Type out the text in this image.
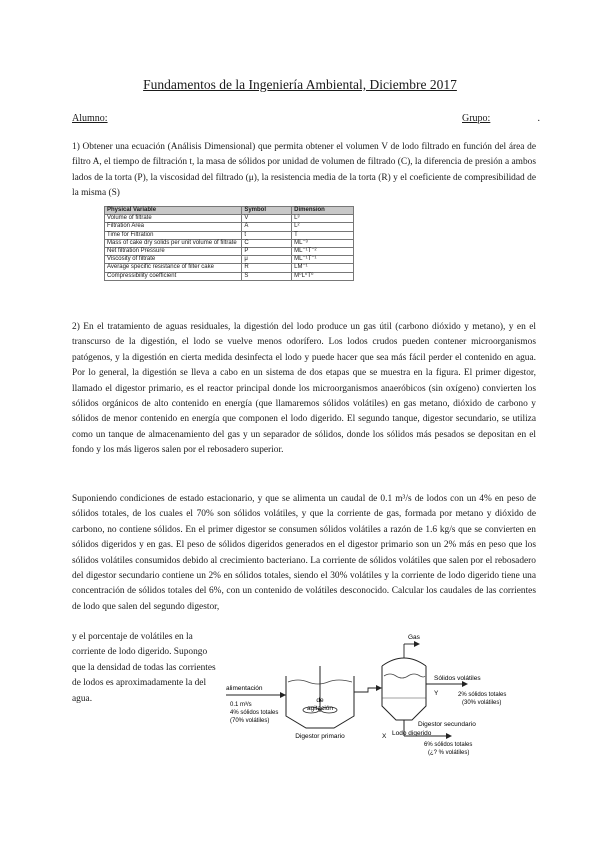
Fundamentos de la Ingeniería Ambiental, Diciembre 2017
Alumno:	Grupo:	.

1) Obtener una ecuación (Análisis Dimensional) que permita obtener el volumen V de lodo filtrado en función del área de filtro A, el tiempo de filtración t, la masa de sólidos por unidad de volumen de filtrado (C), la diferencia de presión a ambos lados de la torta (P), la viscosidad del filtrado (μ), la resistencia media de la torta (R) y el coeficiente de compresibilidad de la misma (S)

Physical Variable	Symbol	Dimension
Volume of filtrate	V	L³
Filtration Area	A	L²
Time for Filtration	t	T
Mass of cake dry solids per unit volume of filtrate	C	ML⁻³
Net filtration Pressure	P	ML⁻¹T⁻²
Viscosity of filtrate	μ	ML⁻¹T⁻¹
Average specific resistance of filter cake	R	LM⁻¹
Compressibility coefficient	S	M⁰L⁰T⁰

2) En el tratamiento de aguas residuales, la digestión del lodo produce un gas útil (carbono dióxido y metano), y en el transcurso de la digestión, el lodo se vuelve menos odorífero. Los lodos crudos pueden contener microorganismos patógenos, y la digestión en cierta medida desinfecta el lodo y puede hacer que sea más fácil perder el contenido en agua. Por lo general, la digestión se lleva a cabo en un sistema de dos etapas que se muestra en la figura. El primer digestor, llamado el digestor primario, es el reactor principal donde los microorganismos anaeróbicos (sin oxígeno) convierten los sólidos orgánicos de alto contenido en energía (que llamaremos sólidos volátiles) en gas metano, dióxido de carbono y sólidos de menor contenido en energía que componen el lodo digerido. El segundo tanque, digestor secundario, se utiliza como un tanque de almacenamiento del gas y un separador de sólidos, donde los sólidos más pesados se depositan en el fondo y los más ligeros salen por el rebosadero superior.

Suponiendo condiciones de estado estacionario, y que se alimenta un caudal de 0.1 m³/s de lodos con un 4% en peso de sólidos totales, de los cuales el 70% son sólidos volátiles, y que la corriente de gas, formada por metano y dióxido de carbono, no contiene sólidos. En el primer digestor se consumen sólidos volátiles a razón de 1.6 kg/s que se convierten en sólidos digeridos y en gas. El peso de sólidos digeridos generados en el digestor primario son un 2% más en peso que los sólidos volátiles consumidos debido al crecimiento bacteriano. La corriente de sólidos volátiles que salen por el rebosadero del digestor secundario contiene un 2% en sólidos totales, siendo el 30% volátiles y la corriente de lodo digerido tiene una concentración de sólidos totales del 6%, con un contenido de volátiles desconocido. Calcular los caudales de las corrientes de lodo que salen del segundo digestor,

y el porcentaje de volátiles en la corriente de lodo digerido. Supongo que la densidad de todas las corrientes de lodos es aproximadamente la del agua.	de
agitación
Digestor primario
alimentación
0.1 m³/s
4% sólidos totales
(70% volátiles)
Gas
Sólidos volátiles
Y	2% sólidos totales
(30% volátiles)
Digestor secundario
Lodo digerido
X
6% sólidos totales
(¿? % volátiles)
